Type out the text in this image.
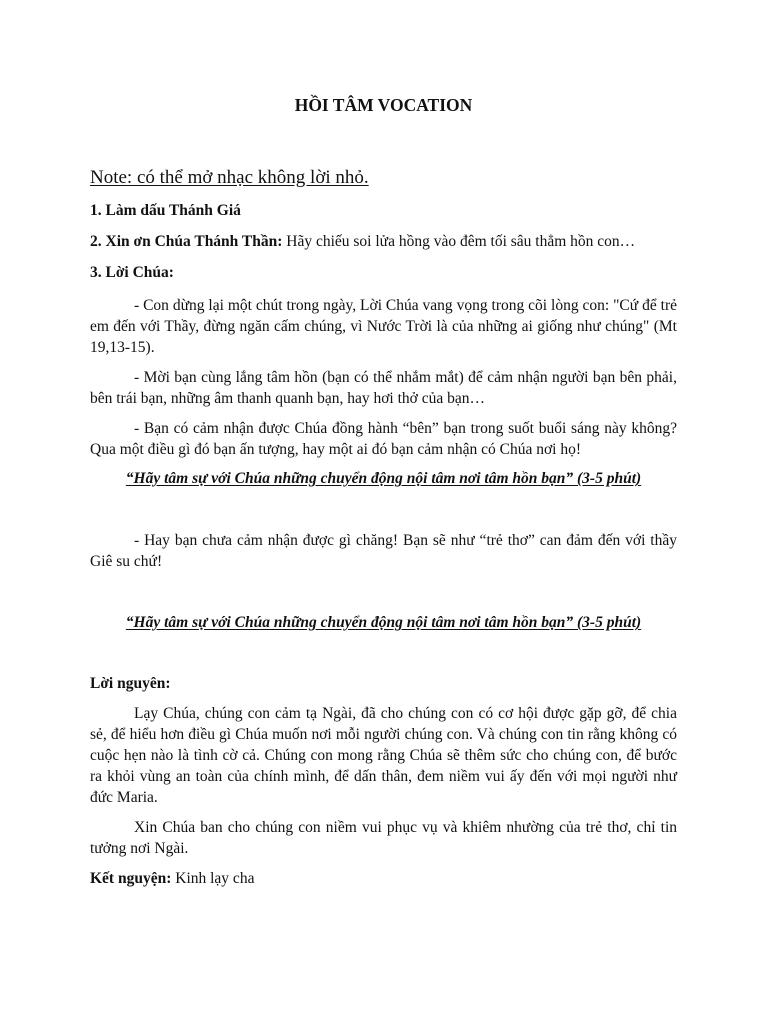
HỒI TÂM VOCATION

Note: có thể mở nhạc không lời nhỏ.

1. Làm dấu Thánh Giá

2. Xin ơn Chúa Thánh Thần: Hãy chiếu soi lửa hồng vào đêm tối sâu thẳm hồn con…

3. Lời Chúa:

- Con dừng lại một chút trong ngày, Lời Chúa vang vọng trong cõi lòng con: "Cứ để trẻ em đến với Thầy, đừng ngăn cấm chúng, vì Nước Trời là của những ai giống như chúng" (Mt 19,13-15).

- Mời bạn cùng lắng tâm hồn (bạn có thể nhắm mắt) để cảm nhận người bạn bên phải, bên trái bạn, những âm thanh quanh bạn, hay hơi thở của bạn…

- Bạn có cảm nhận được Chúa đồng hành “bên” bạn trong suốt buổi sáng này không? Qua một điều gì đó bạn ấn tượng, hay một ai đó bạn cảm nhận có Chúa nơi họ!

“Hãy tâm sự với Chúa những chuyển động nội tâm nơi tâm hồn bạn” (3-5 phút)

- Hay bạn chưa cảm nhận được gì chăng! Bạn sẽ như “trẻ thơ” can đảm đến với thầy Giê su chứ!

“Hãy tâm sự với Chúa những chuyển động nội tâm nơi tâm hồn bạn” (3-5 phút)

Lời nguyên:

Lạy Chúa, chúng con cảm tạ Ngài, đã cho chúng con có cơ hội được gặp gỡ, để chia sẻ, để hiểu hơn điều gì Chúa muốn nơi mỗi người chúng con. Và chúng con tin rằng không có cuộc hẹn nào là tình cờ cả. Chúng con mong rằng Chúa sẽ thêm sức cho chúng con, để bước ra khỏi vùng an toàn của chính mình, để dấn thân, đem niềm vui ấy đến với mọi người như đức Maria.

Xin Chúa ban cho chúng con niềm vui phục vụ và khiêm nhường của trẻ thơ, chỉ tin tưởng nơi Ngài.

Kết nguyện: Kinh lạy cha
